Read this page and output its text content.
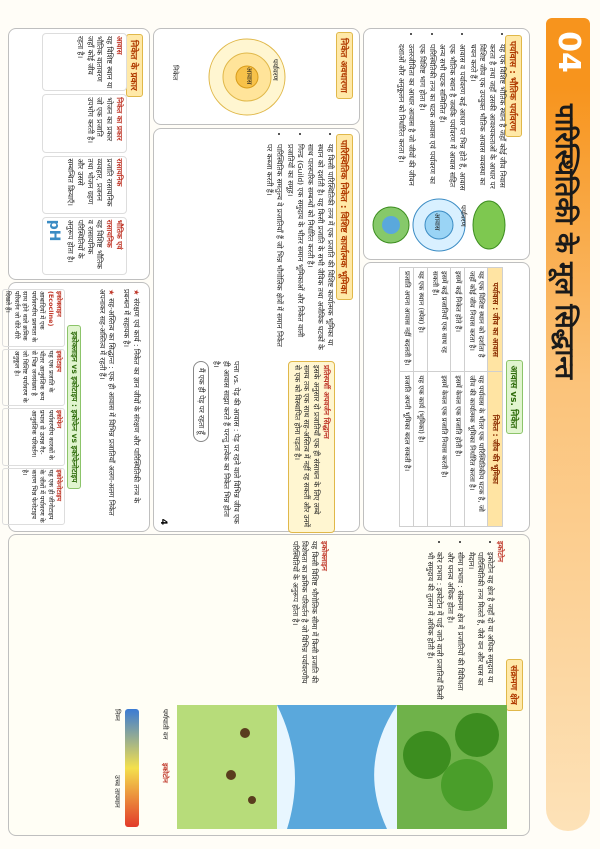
04
पारिस्थितिकी के मूल सिद्धान्त
पर्यावास : भौतिक पर्यावरण
• यह एक विशिष्ट भौतिक स्थान है जहाँ कोई जीव निवास करता है तथा जहाँ उसकी आवश्यकताओं के आधार पर विशिष्ट जीव एक उपयुक्त भौतिक आवास व्यवस्था का चयन करते हैं।
• आवास व पर्यावरण कई आधार पर भिन्न होते हैं, आवास एक भौतिक स्थान है जबकि पर्यावरण में आवास सहित अन्य सभी घटक सम्मिलित हैं।
• पारिस्थितिकी तन्त्र का घटक आवास एवं पर्यावरण का एक विशिष्ट भाग होता है।
• उत्तरजीविता का आधार आवास है जो जीवों की जीवन दशाओं और अनुकूलन को निर्धारित करता है।
आवास	पर्यावरण
आवास vs. निकेत
पर्यावास : जीव का आवास	निकेत : जीव की भूमिका
यह एक विशिष्ट स्थान को दर्शाता है जहाँ कोई जीव निवास करता है।	यह पर्यावास के भीतर एक पारिस्थितिकीय घटक है, जो जीव की कार्यात्मक भूमिका निर्धारित करता है।
इसमें कई निकेत होते हैं।	इसमें केवल एक प्रजाति होती है।
इसमें कई प्रजातियाँ एक साथ रह सकती हैं।	इसमें केवल एक प्रजाति निवास करती है।
यह एक स्थान (स्पेस) है।	यह एक कार्य (भूमिका) है।
प्रजाति अपना आवास नहीं बदलती है।	प्रजाति अपनी भूमिका बदल सकती है।
संक्रमण क्षेत्र
इकोटोन
• इकोटोन वह क्षेत्र है जहाँ दो या अधिक समुदाय या पारिस्थितिकी तन्त्र मिलते हैं, जैसे वन और घास का मैदान।
• सीमा प्रभाव : संक्रमण क्षेत्र में प्रजातियों की विविधता और घनत्व अधिक होता है।
• कोर प्रभाव : इकोटोन में पाई जाने वाली प्रजातियाँ किसी भी समुदाय की तुलना में अधिक होती हैं।
पर्णपाती वन
इकोटोन
इकोक्लाइन
यह किसी विशिष्ट भौगोलिक सीमा में किसी प्रजाति की विशेषता का क्रमिक परिवर्तन है जो विभिन्न पर्यावरणीय परिस्थितियों के अनुरूप होता है।
निम्न
उच्च तापमान
निकेत अवधारणा
आवास	पर्यावरण
निकेत
पारिस्थितिक निकेत : विशिष्ट कार्यात्मक भूमिका
• यह किसी पारिस्थितिकी तन्त्र में एक प्रजाति की विशिष्ट कार्यात्मक भूमिका या स्थान को दर्शाती है। यह किसी प्रजाति के सभी जैविक तथा अजैविक घटकों के साथ पारस्परिक सम्बन्धों को निर्धारित करती है।
• गिल्ड (Guild) एक समुदाय के भीतर समान भूमिकाओं और निकेत वाली प्रजातियों का समूह।
• पारिस्थितिक समतुल्य वे प्रजातियाँ हैं जो भिन्न भौगोलिक क्षेत्रों में समान निकेत पर कब्जा करती हैं।
प्रतिस्पर्धी अपवर्जन सिद्धान्त
इसके अनुसार दो प्रजातियाँ एक ही संसाधन के लिए लम्बे समय तक एक साथ सह-अस्तित्व में नहीं रह सकतीं और उनमें से एक को विस्थापित होना पड़ता है।
पत्ता vs. पेड़ की आवास : पेड़ पर रहने वाले विभिन्न जीव एक ही आवास साझा करते हैं परन्तु प्रत्येक का निकेत भिन्न होता है।
मैं एक ही पेड़ पर रहता हूँ
4
निकेत के प्रकार
आवास
यह विशिष्ट स्थान या भौतिक वातावरण जहाँ कोई जीव रहता है।
निकेत का प्रकार
भोजन का प्रकार जो एक प्रजाति उपभोग करती है।
रासायनिक
प्रजाति रासायनिक व्यवहार, प्रजनन तथा भोजन ग्रहण और उससे सम्बन्धित क्रियाएँ।
भौतिक एवं रासायनिक
यह विशिष्ट भौतिक व रासायनिक परिस्थितियों के अनुरूप होता है।
pH
★ संरक्षण एवं कार्य : निकेत का ज्ञान जीवों के संरक्षण और पारिस्थितिकी तन्त्र के प्रबन्धन में सहायक है।
★ सह-अस्तित्व का सिद्धान्त : एक ही आवास में विभिन्न प्रजातियाँ अलग-अलग निकेत अपनाकर सह-अस्तित्व में रहती हैं।
इकोक्लाइन vs इकोटाइप : इकोफेन vs इकोफेनोटाइप
इकोक्लाइन (Ecocline)
आबादियों में एक पर्यावरणीय प्रवणता के साथ होने वाले क्रमिक परिवर्तन जो धीरे-धीरे दिखते हैं।
इकोटाइप
यह एक प्रजाति के भीतर आनुवंशिक रूप से भिन्न जनसंख्या है जो विशिष्ट पर्यावरण के अनुकूल है।
इकोफेन
पर्यावरणीय कारकों के प्रभाव से उत्पन्न गैर-आनुवंशिक परिवर्तन।
इकोफेनोटाइप
यह एक ही जीनोटाइप के जीवों में पर्यावरण के कारण भिन्न फेनोटाइप है।
